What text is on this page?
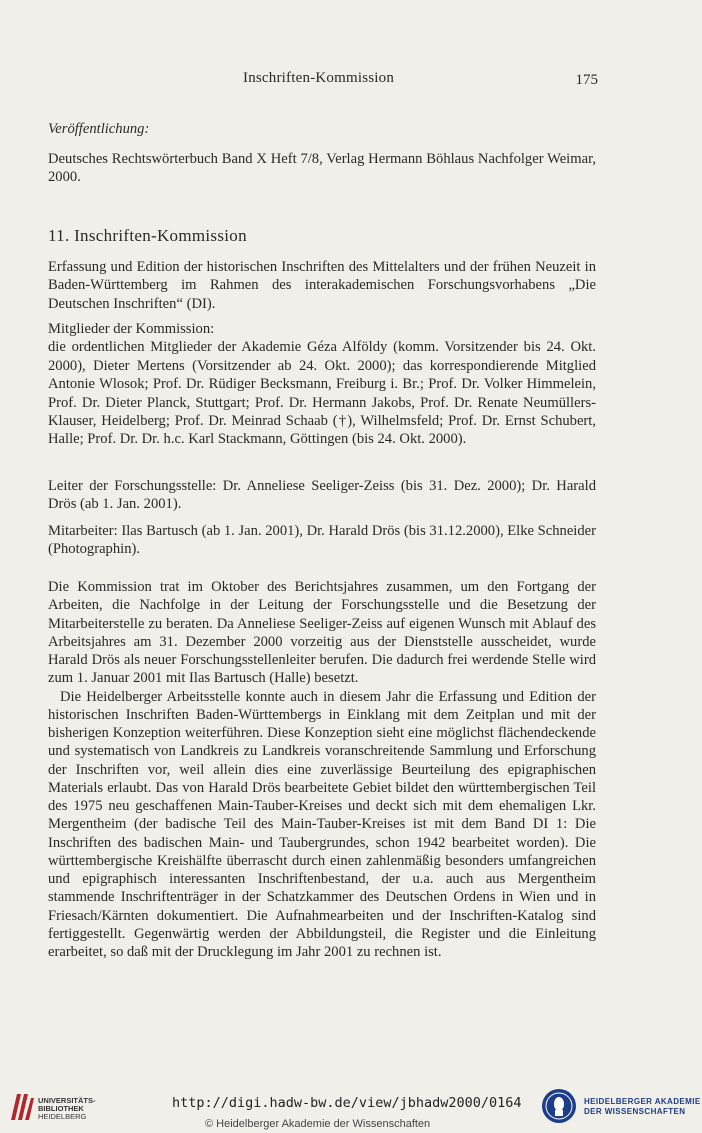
Inschriften-Kommission	175
Veröffentlichung:
Deutsches Rechtswörterbuch Band X Heft 7/8, Verlag Hermann Böhlaus Nachfolger Weimar, 2000.
11. Inschriften-Kommission
Erfassung und Edition der historischen Inschriften des Mittelalters und der frühen Neuzeit in Baden-Württemberg im Rahmen des interakademischen Forschungsvorhabens „Die Deutschen Inschriften“ (DI).

Mitglieder der Kommission:

die ordentlichen Mitglieder der Akademie Géza Alföldy (komm. Vorsitzender bis 24. Okt. 2000), Dieter Mertens (Vorsitzender ab 24. Okt. 2000); das korrespondierende Mitglied Antonie Wlosok; Prof. Dr. Rüdiger Becksmann, Freiburg i. Br.; Prof. Dr. Volker Himmelein, Prof. Dr. Dieter Planck, Stuttgart; Prof. Dr. Hermann Jakobs, Prof. Dr. Renate Neumüllers-Klauser, Heidelberg; Prof. Dr. Meinrad Schaab (†), Wilhelmsfeld; Prof. Dr. Ernst Schubert, Halle; Prof. Dr. Dr. h.c. Karl Stackmann, Göttingen (bis 24. Okt. 2000).

Leiter der Forschungsstelle: Dr. Anneliese Seeliger-Zeiss (bis 31. Dez. 2000); Dr. Harald Drös (ab 1. Jan. 2001).
Mitarbeiter: Ilas Bartusch (ab 1. Jan. 2001), Dr. Harald Drös (bis 31.12.2000), Elke Schneider (Photographin).

Die Kommission trat im Oktober des Berichtsjahres zusammen, um den Fortgang der Arbeiten, die Nachfolge in der Leitung der Forschungsstelle und die Besetzung der Mitarbeiterstelle zu beraten. Da Anneliese Seeliger-Zeiss auf eigenen Wunsch mit Ablauf des Arbeitsjahres am 31. Dezember 2000 vorzeitig aus der Dienststelle ausscheidet, wurde Harald Drös als neuer Forschungsstellenleiter berufen. Die dadurch frei werdende Stelle wird zum 1. Januar 2001 mit Ilas Bartusch (Halle) besetzt.

Die Heidelberger Arbeitsstelle konnte auch in diesem Jahr die Erfassung und Edition der historischen Inschriften Baden-Württembergs in Einklang mit dem Zeitplan und mit der bisherigen Konzeption weiterführen. Diese Konzeption sieht eine möglichst flächendeckende und systematisch von Landkreis zu Landkreis voranschreitende Sammlung und Erforschung der Inschriften vor, weil allein dies eine zuverlässige Beurteilung des epigraphischen Materials erlaubt. Das von Harald Drös bearbeitete Gebiet bildet den württembergischen Teil des 1975 neu geschaffenen Main-Tauber-Kreises und deckt sich mit dem ehemaligen Lkr. Mergentheim (der badische Teil des Main-Tauber-Kreises ist mit dem Band DI 1: Die Inschriften des badischen Main- und Taubergrundes, schon 1942 bearbeitet worden). Die württembergische Kreishälfte überrascht durch einen zahlenmäßig besonders umfangreichen und epigraphisch interessanten Inschriftenbestand, der u.a. auch aus Mergentheim stammende Inschriftenträger in der Schatzkammer des Deutschen Ordens in Wien und in Friesach/Kärnten dokumentiert. Die Aufnahmearbeiten und der Inschriften-Katalog sind fertiggestellt. Gegenwärtig werden der Abbildungsteil, die Register und die Einleitung erarbeitet, so daß mit der Drucklegung im Jahr 2001 zu rechnen ist.

UNIVERSITÄTS-
BIBLIOTHEK
HEIDELBERG
http://digi.hadw-bw.de/view/jbhadw2000/0164
© Heidelberger Akademie der Wissenschaften
HEIDELBERGER AKADEMIE
DER WISSENSCHAFTEN
